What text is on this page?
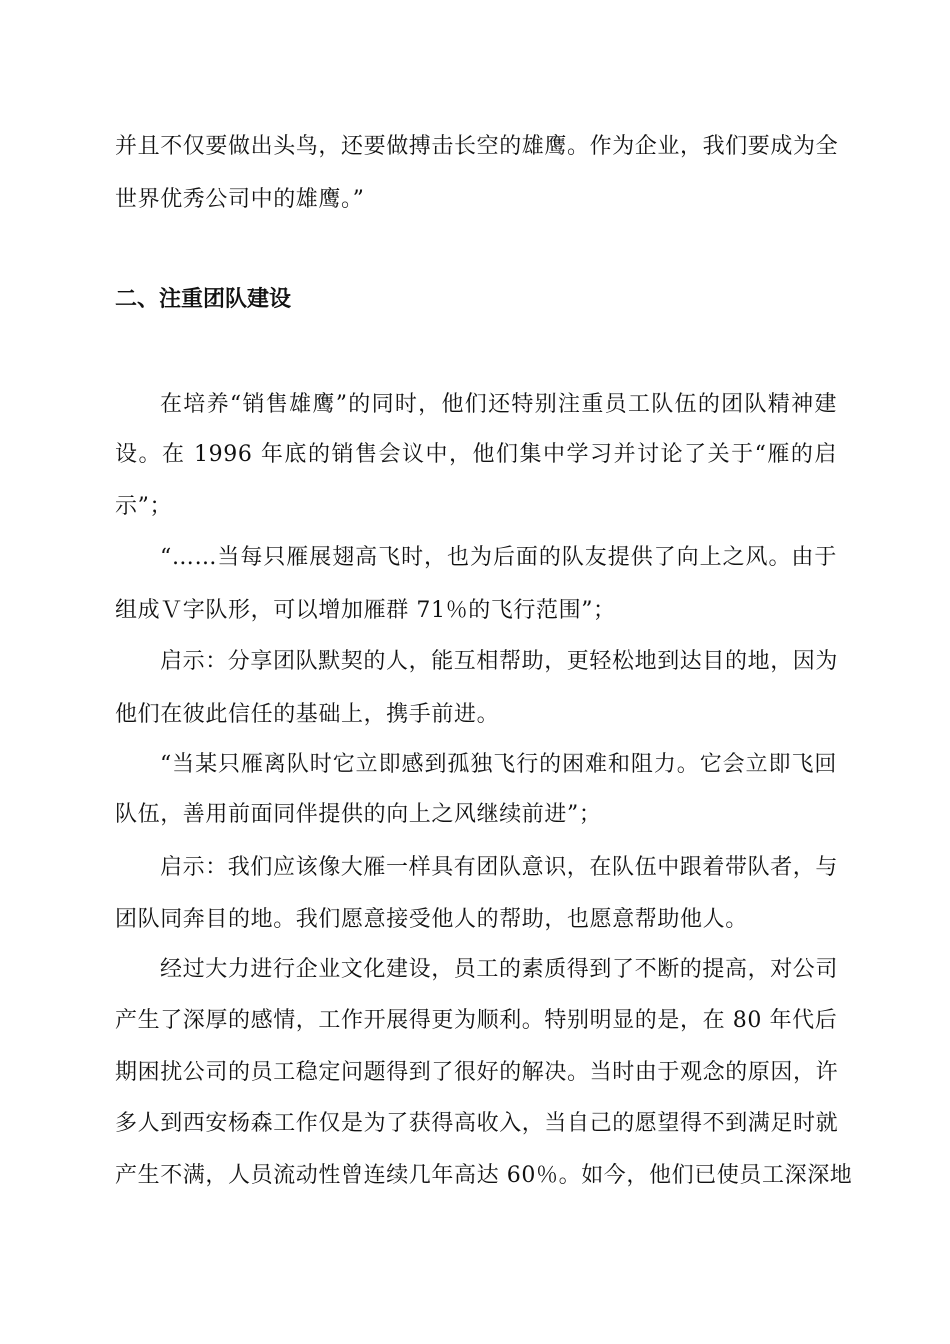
并且不仅要做出头鸟，还要做搏击长空的雄鹰。作为企业，我们要成为全
世界优秀公司中的雄鹰。”
二、注重团队建设
在培养“销售雄鹰”的同时，他们还特别注重员工队伍的团队精神建
设。在 1996 年底的销售会议中，他们集中学习并讨论了关于“雁的启
示”；
“……当每只雁展翅高飞时，也为后面的队友提供了向上之风。由于
组成Ｖ字队形，可以增加雁群 71％的飞行范围”；
启示：分享团队默契的人，能互相帮助，更轻松地到达目的地，因为
他们在彼此信任的基础上，携手前进。
“当某只雁离队时它立即感到孤独飞行的困难和阻力。它会立即飞回
队伍，善用前面同伴提供的向上之风继续前进”；
启示：我们应该像大雁一样具有团队意识，在队伍中跟着带队者，与
团队同奔目的地。我们愿意接受他人的帮助，也愿意帮助他人。
经过大力进行企业文化建设，员工的素质得到了不断的提高，对公司
产生了深厚的感情，工作开展得更为顺利。特别明显的是，在 80 年代后
期困扰公司的员工稳定问题得到了很好的解决。当时由于观念的原因，许
多人到西安杨森工作仅是为了获得高收入，当自己的愿望得不到满足时就
产生不满，人员流动性曾连续几年高达 60％。如今，他们已使员工深深地
